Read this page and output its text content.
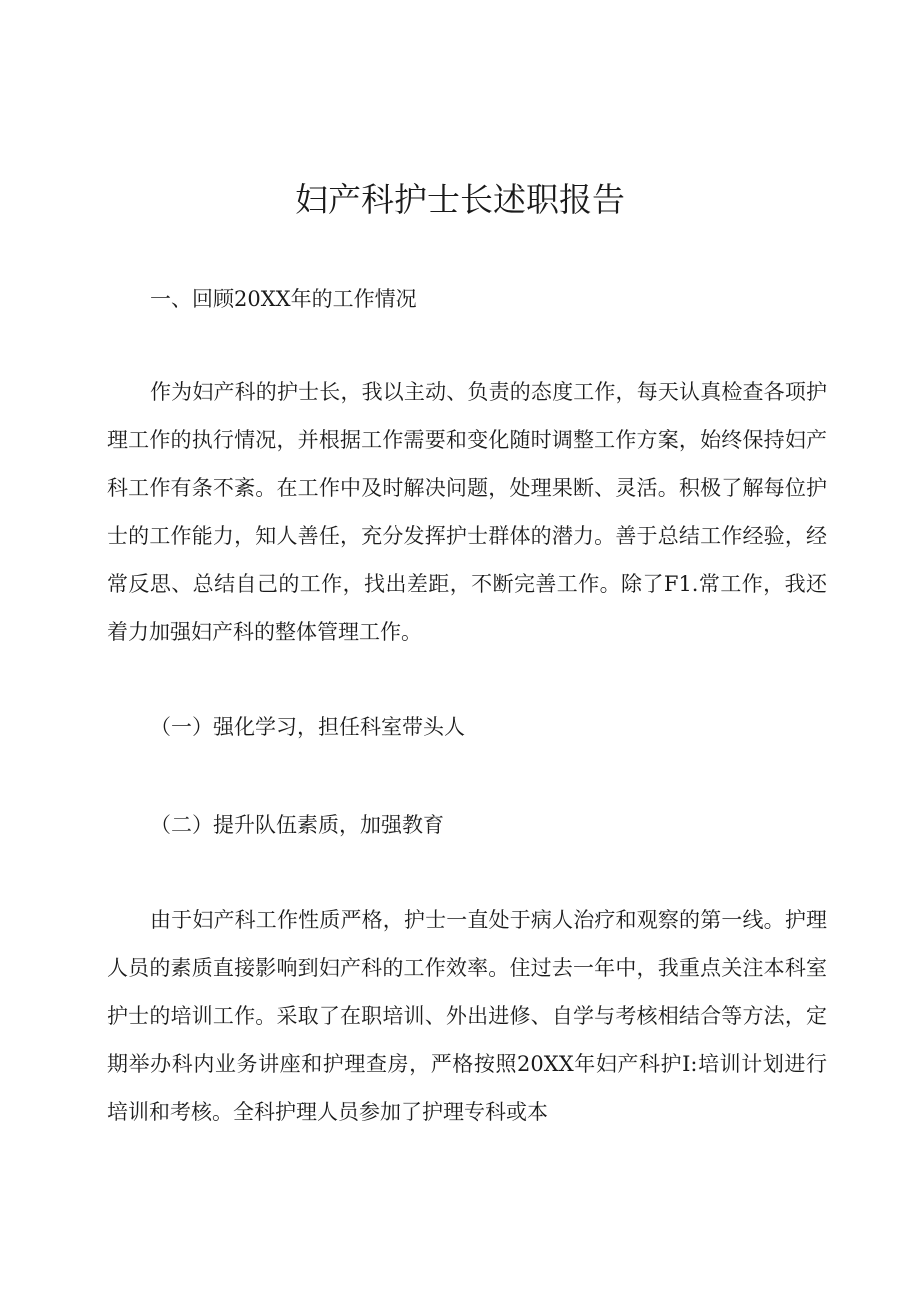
妇产科护士长述职报告

一、回顾20XX年的工作情况

作为妇产科的护士长，我以主动、负责的态度工作，每天认真检查各项护理工作的执行情况，并根据工作需要和变化随时调整工作方案，始终保持妇产科工作有条不紊。在工作中及时解决问题，处理果断、灵活。积极了解每位护士的工作能力，知人善任，充分发挥护士群体的潜力。善于总结工作经验，经常反思、总结自己的工作，找出差距，不断完善工作。除了F1.常工作，我还着力加强妇产科的整体管理工作。

（一）强化学习，担任科室带头人

（二）提升队伍素质，加强教育

由于妇产科工作性质严格，护士一直处于病人治疗和观察的第一线。护理人员的素质直接影响到妇产科的工作效率。住过去一年中，我重点关注本科室护士的培训工作。采取了在职培训、外出进修、自学与考核相结合等方法，定期举办科内业务讲座和护理查房，严格按照20XX年妇产科护I:培训计划进行培训和考核。全科护理人员参加了护理专科或本
